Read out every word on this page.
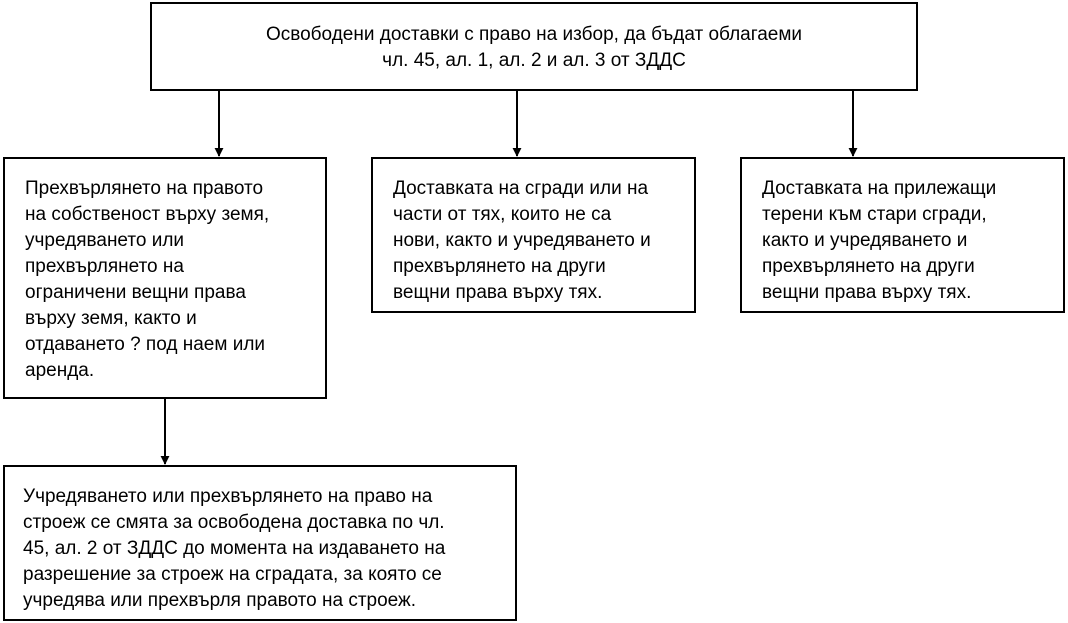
Освободени доставки с право на избор, да бъдат облагаеми
чл. 45, ал. 1, ал. 2 и ал. 3 от ЗДДС
Прехвърлянето на правото
на собственост върху земя,
учредяването или
прехвърлянето на
ограничени вещни права
върху земя, както и
отдаването ? под наем или
аренда.
Доставката на сгради или на
части от тях, които не са
нови, както и учредяването и
прехвърлянето на други
вещни права върху тях.
Доставката на прилежащи
терени към стари сгради,
както и учредяването и
прехвърлянето на други
вещни права върху тях.
Учредяването или прехвърлянето на право на
строеж се смята за освободена доставка по чл.
45, ал. 2 от ЗДДС до момента на издаването на
разрешение за строеж на сградата, за която се
учредява или прехвърля правото на строеж.
